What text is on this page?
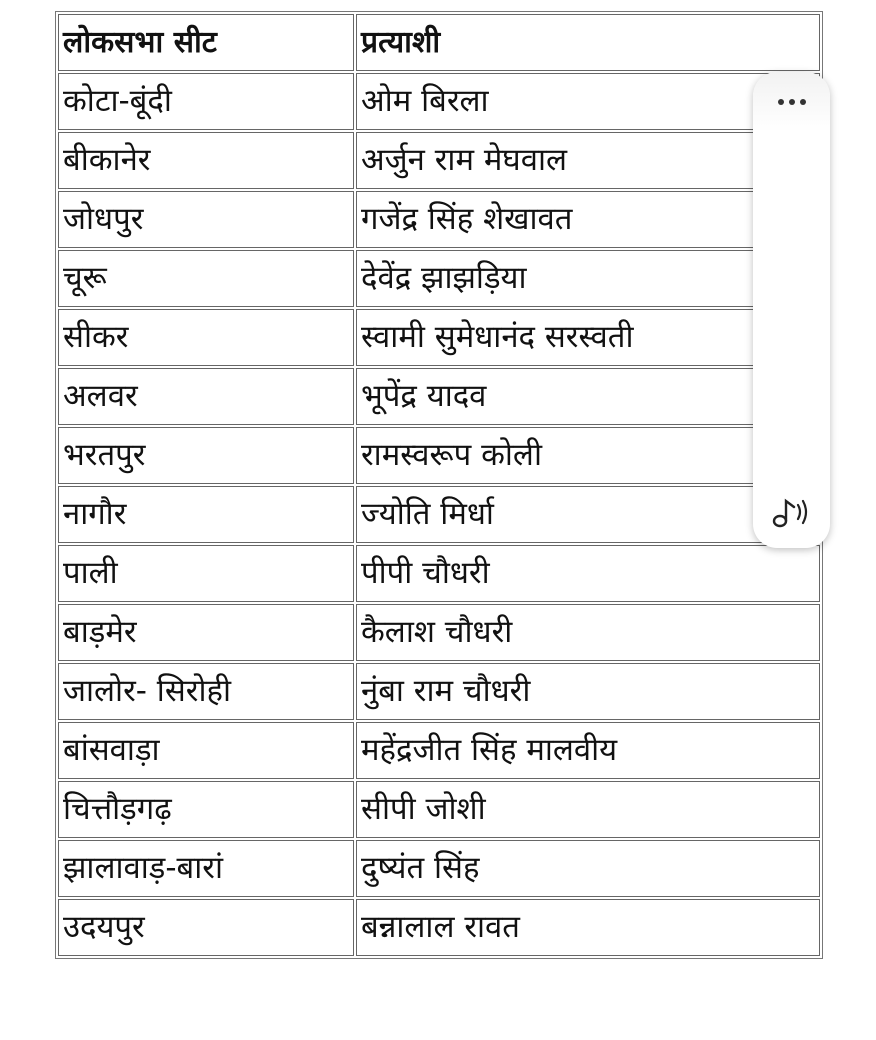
लोकसभा सीट	प्रत्याशी
कोटा-बूंदी	ओम बिरला
बीकानेर	अर्जुन राम मेघवाल
जोधपुर	गजेंद्र सिंह शेखावत
चूरू	देवेंद्र झाझड़िया
सीकर	स्वामी सुमेधानंद सरस्वती
अलवर	भूपेंद्र यादव
भरतपुर	रामस्वरूप कोली
नागौर	ज्योति मिर्धा
पाली	पीपी चौधरी
बाड़मेर	कैलाश चौधरी
जालोर- सिरोही	नुंबा राम चौधरी
बांसवाड़ा	महेंद्रजीत सिंह मालवीय
चित्तौड़गढ़	सीपी जोशी
झालावाड़-बारां	दुष्यंत सिंह
उदयपुर	बन्नालाल रावत
